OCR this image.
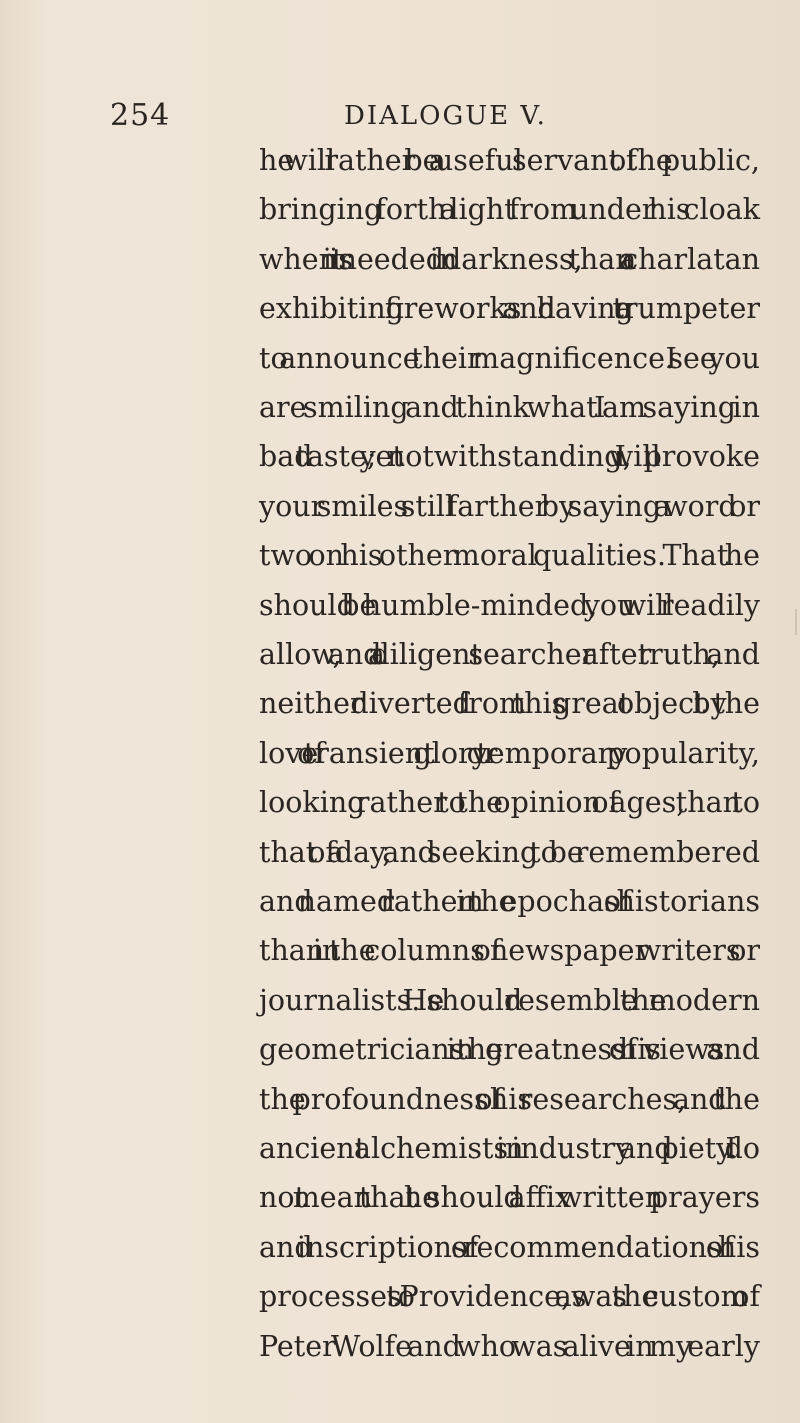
254	DIALOGUE V.
he will rather be a useful servant of the public,
bringing forth a light from under his cloak
when it is needed in darkness, than a charlatan
exhibiting fireworks and having a trumpeter
to announce their magnificence. I see you
are smiling and think what I am saying in
bad taste; yet notwithstanding, I will provoke
your smiles still farther by saying a word or
two on his other moral qualities. That he
should be humble-minded, you will readily
allow, and a diligent searcher after truth, and
neither diverted from this great object by the
love of transient glory or temporary popularity,
looking rather to the opinion of ages, than to
that of a day, and seeking to be remembered
and named rather in the epochas of historians
than in the columns of newspaper writers or
journalists. He should resemble the modern
geometricians in the greatness of his views and
the profoundness of his researches, and the
ancient alchemists in industry and piety. I do
not mean that he should affix written prayers
and inscriptions of recommendations of his
processes to Providence, as was the custom of
Peter Wolfe and who was alive in my early
